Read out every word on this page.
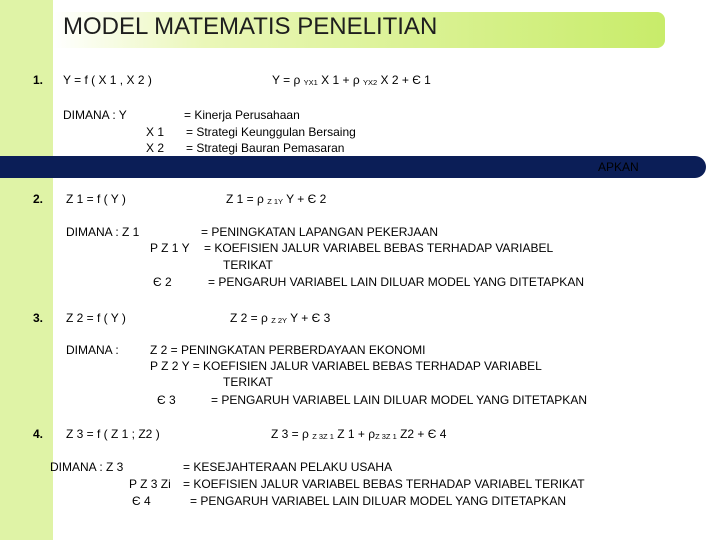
MODEL MATEMATIS PENELITIAN
1. Y = f ( X 1 , X 2 )	Y = ρ YX1 X 1 + ρ YX2 X 2 + Є 1
DIMANA : Y	= Kinerja Perusahaan
X 1 = Strategi Keunggulan Bersaing
X 2 = Strategi Bauran Pemasaran
APKAN
2. Z 1 = f ( Y )	Z 1 = ρ Z 1Y Y + Є 2
DIMANA : Z 1	= PENINGKATAN LAPANGAN PEKERJAAN
P Z 1 Y = KOEFISIEN JALUR VARIABEL BEBAS TERHADAP VARIABEL
TERIKAT
Є 2	= PENGARUH VARIABEL LAIN DILUAR MODEL YANG DITETAPKAN
3. Z 2 = f ( Y )	Z 2 = ρ Z 2Y Y + Є 3
DIMANA :	Z 2 = PENINGKATAN PERBERDAYAAN EKONOMI
P Z 2 Y = KOEFISIEN JALUR VARIABEL BEBAS TERHADAP VARIABEL
TERIKAT
Є 3	= PENGARUH VARIABEL LAIN DILUAR MODEL YANG DITETAPKAN
4. Z 3 = f ( Z 1 ; Z2 )	Z 3 = ρ Z 3Z 1 Z 1 + ρZ 3Z 1 Z2 + Є 4
DIMANA : Z 3	= KESEJAHTERAAN PELAKU USAHA
P Z 3 Zi = KOEFISIEN JALUR VARIABEL BEBAS TERHADAP VARIABEL TERIKAT
Є 4	= PENGARUH VARIABEL LAIN DILUAR MODEL YANG DITETAPKAN
